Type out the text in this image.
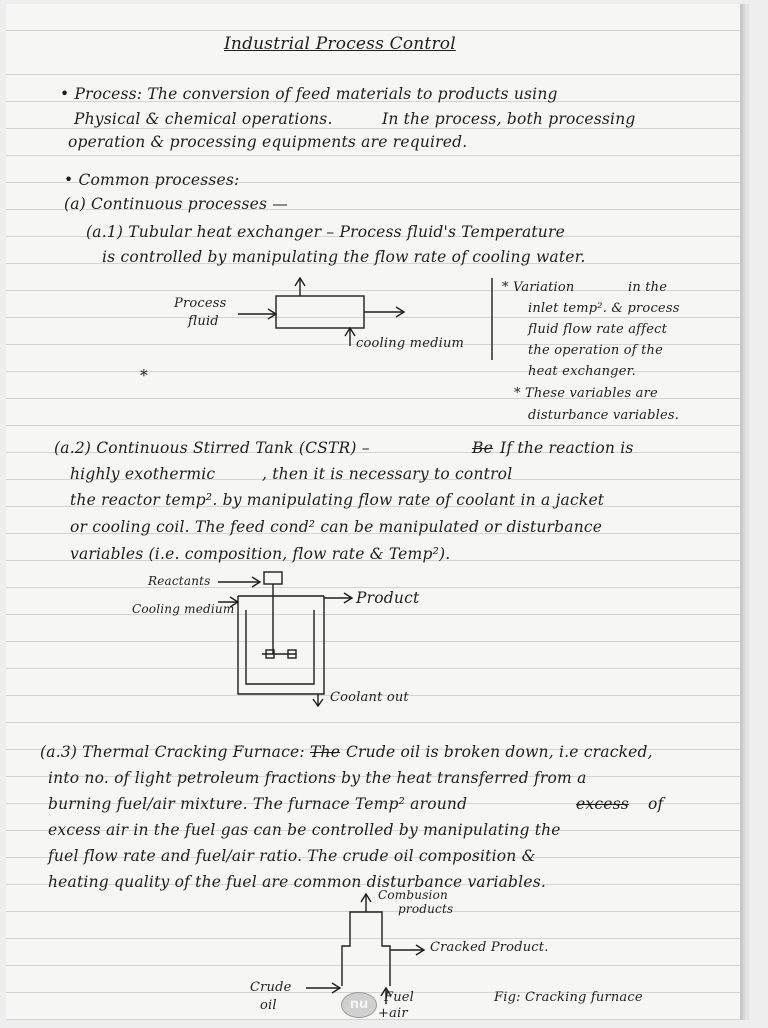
Industrial Process Control
• Process: The conversion of feed materials to products using
Physical & chemical operations.	In the process, both processing
operation & processing equipments are required.
• Common processes:
(a) Continuous processes —
(a.1) Tubular heat exchanger – Process fluid's Temperature
is controlled by manipulating the flow rate of cooling water.
Process
fluid
cooling medium
* Variation	in the
inlet temp². & process
fluid flow rate affect
the operation of the
heat exchanger.
* These variables are
disturbance variables.
*
(a.2) Continuous Stirred Tank (CSTR) –	Be If the reaction is
highly exothermic	, then it is necessary to control
the reactor temp². by manipulating flow rate of coolant in a jacket
or cooling coil. The feed cond² can be manipulated or disturbance
variables (i.e. composition, flow rate & Temp²).
Reactants
Cooling medium
Product
Coolant out
(a.3) Thermal Cracking Furnace: The Crude oil is broken down, i.e cracked,
into no. of light petroleum fractions by the heat transferred from a
burning fuel/air mixture. The furnace Temp² around	excess of
excess air in the fuel gas can be controlled by manipulating the
fuel flow rate and fuel/air ratio. The crude oil composition &
heating quality of the fuel are common disturbance variables.
Combusion
products
Cracked Product.
Crude
oil
Fuel
+air
Fig: Cracking furnace
nu
